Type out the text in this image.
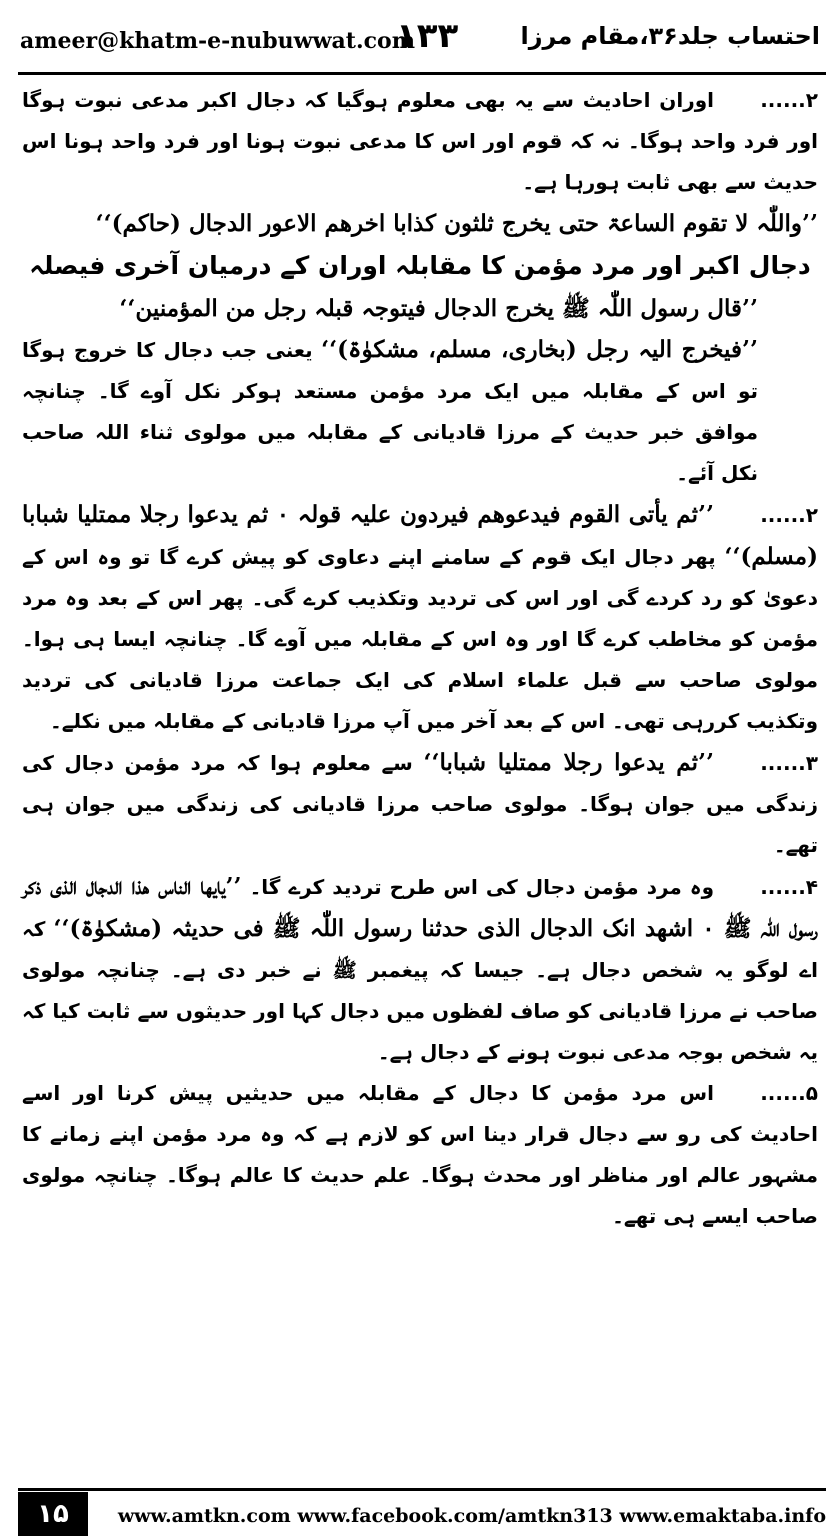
ameer@khatm-e-nubuwwat.com
۱۳۳	احتساب جلد۳۶،مقام مرزا

۲......اوران احادیث سے یہ بھی معلوم ہوگیا کہ دجال اکبر مدعی نبوت ہوگا اور فرد واحد ہوگا۔ نہ کہ قوم اور اس کا مدعی نبوت ہونا اور فرد واحد ہونا اس حدیث سے بھی ثابت ہورہا ہے۔

’’واللّٰہ لا تقوم الساعۃ حتی یخرج ثلثون کذابا اخرھم الاعور الدجال (حاکم)‘‘

دجال اکبر اور مرد مؤمن کا مقابلہ اوران کے درمیان آخری فیصلہ

’’قال رسول اللّٰہ ﷺ یخرج الدجال فیتوجہ قبلہ رجل من المؤمنین‘‘

’’فیخرج الیہ رجل (بخاری، مسلم، مشکوٰۃ)‘‘ یعنی جب دجال کا خروج ہوگا تو اس کے مقابلہ میں ایک مرد مؤمن مستعد ہوکر نکل آوے گا۔ چنانچہ موافق خبر حدیث کے مرزا قادیانی کے مقابلہ میں مولوی ثناء اللہ صاحب نکل آئے۔

۲......’’ثم یأتی القوم فیدعوھم فیردون علیہ قولہ ۰ ثم یدعوا رجلا ممتلیا شبابا (مسلم)‘‘ پھر دجال ایک قوم کے سامنے اپنے دعاوی کو پیش کرے گا تو وہ اس کے دعویٰ کو رد کردے گی اور اس کی تردید وتکذیب کرے گی۔ پھر اس کے بعد وہ مرد مؤمن کو مخاطب کرے گا اور وہ اس کے مقابلہ میں آوے گا۔ چنانچہ ایسا ہی ہوا۔ مولوی صاحب سے قبل علماء اسلام کی ایک جماعت مرزا قادیانی کی تردید وتکذیب کررہی تھی۔ اس کے بعد آخر میں آپ مرزا قادیانی کے مقابلہ میں نکلے۔

۳......’’ثم یدعوا رجلا ممتلیا شبابا‘‘ سے معلوم ہوا کہ مرد مؤمن دجال کی زندگی میں جوان ہوگا۔ مولوی صاحب مرزا قادیانی کی زندگی میں جوان ہی تھے۔

۴......وہ مرد مؤمن دجال کی اس طرح تردید کرے گا۔ ’’یایھا الناس ھذا الدجال الذی ذکر رسول اللّٰہ ﷺ ۰ اشھد انک الدجال الذی حدثنا رسول اللّٰہ ﷺ فی حدیثہ (مشکوٰۃ)‘‘ کہ اے لوگو یہ شخص دجال ہے۔ جیسا کہ پیغمبر ﷺ نے خبر دی ہے۔ چنانچہ مولوی صاحب نے مرزا قادیانی کو صاف لفظوں میں دجال کہا اور حدیثوں سے ثابت کیا کہ یہ شخص بوجہ مدعی نبوت ہونے کے دجال ہے۔

۵......اس مرد مؤمن کا دجال کے مقابلہ میں حدیثیں پیش کرنا اور اسے احادیث کی رو سے دجال قرار دینا اس کو لازم ہے کہ وہ مرد مؤمن اپنے زمانے کا مشہور عالم اور مناظر اور محدث ہوگا۔ علم حدیث کا عالم ہوگا۔ چنانچہ مولوی صاحب ایسے ہی تھے۔

۱۵	www.amtkn.com www.facebook.com/amtkn313 www.emaktaba.info
